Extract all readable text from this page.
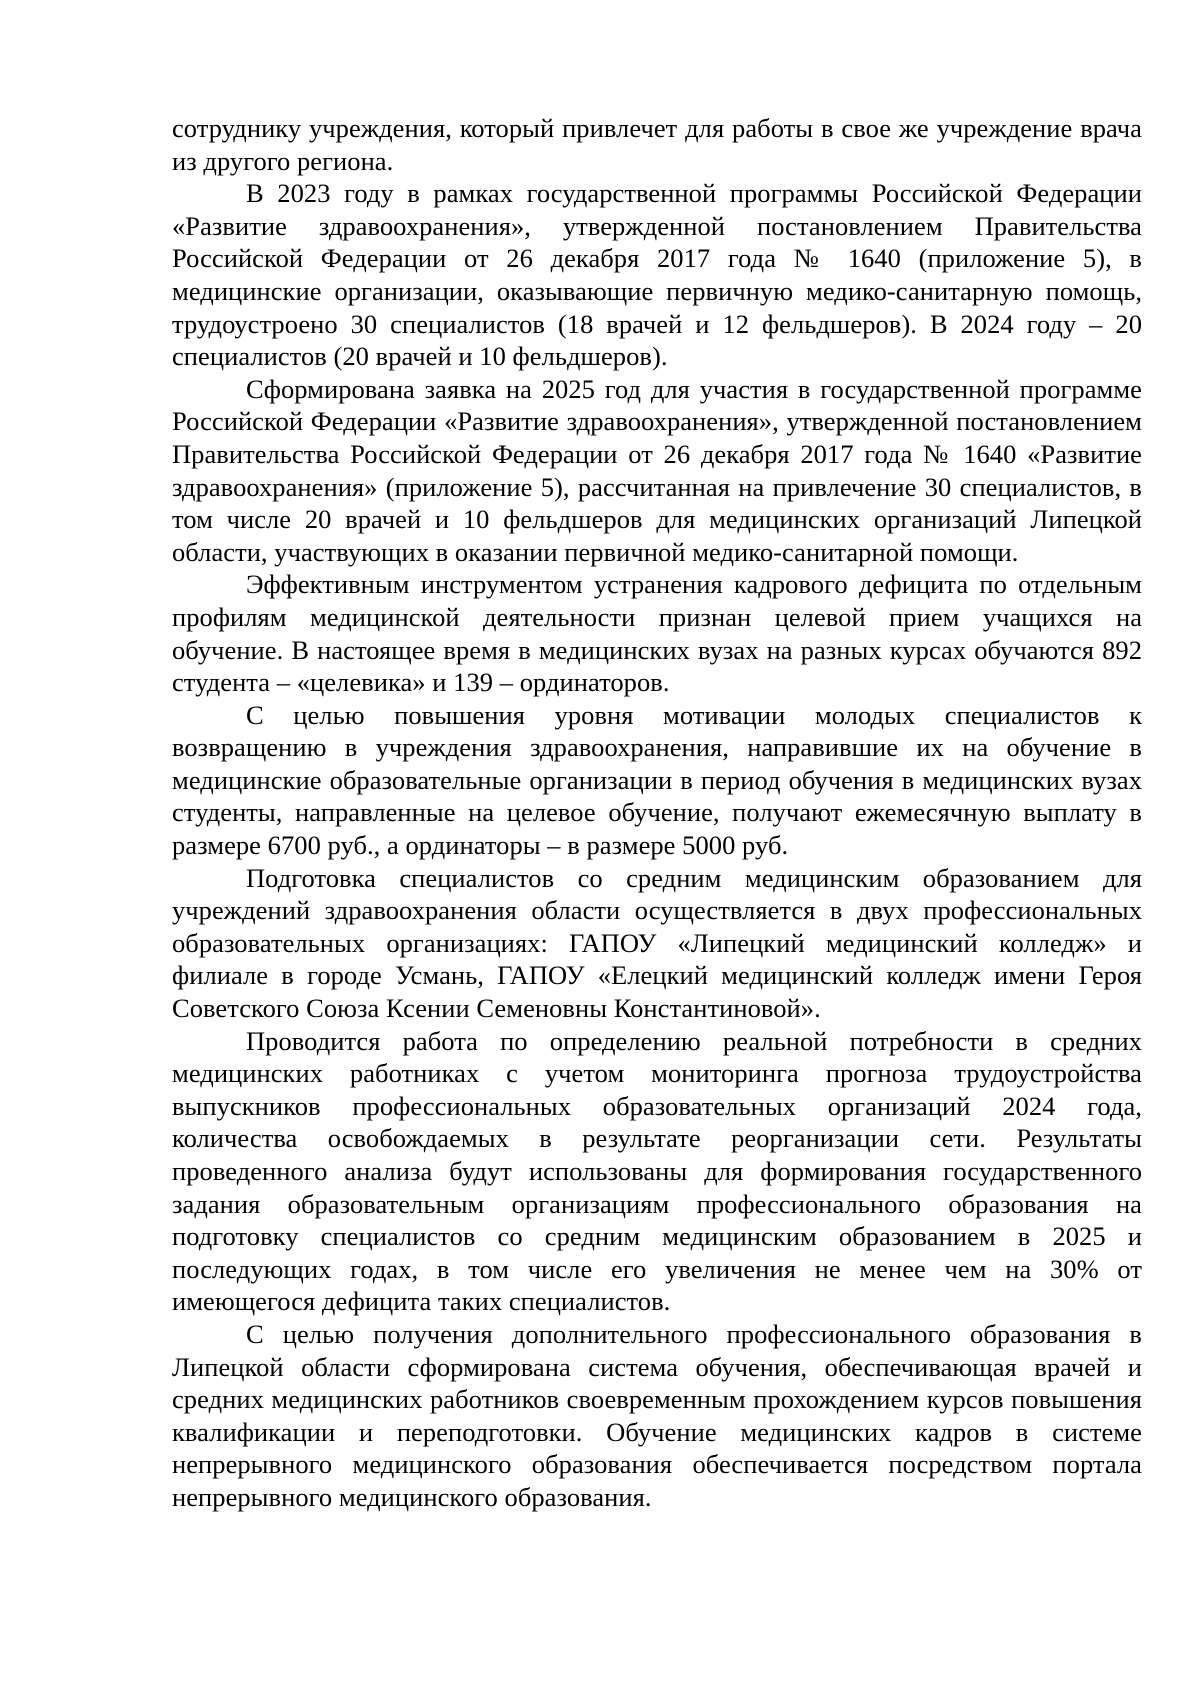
сотруднику учреждения, который привлечет для работы в свое же учреждение врача из другого региона.

В 2023 году в рамках государственной программы Российской Федерации «Развитие здравоохранения», утвержденной постановлением Правительства Российской Федерации от 26 декабря 2017 года № 1640 (приложение 5), в медицинские организации, оказывающие первичную медико-санитарную помощь, трудоустроено 30 специалистов (18 врачей и 12 фельдшеров). В 2024 году – 20 специалистов (20 врачей и 10 фельдшеров).

Сформирована заявка на 2025 год для участия в государственной программе Российской Федерации «Развитие здравоохранения», утвержденной постановлением Правительства Российской Федерации от 26 декабря 2017 года № 1640 «Развитие здравоохранения» (приложение 5), рассчитанная на привлечение 30 специалистов, в том числе 20 врачей и 10 фельдшеров для медицинских организаций Липецкой области, участвующих в оказании первичной медико-санитарной помощи.

Эффективным инструментом устранения кадрового дефицита по отдельным профилям медицинской деятельности признан целевой прием учащихся на обучение. В настоящее время в медицинских вузах на разных курсах обучаются 892 студента – «целевика» и 139 – ординаторов.

С целью повышения уровня мотивации молодых специалистов к возвращению в учреждения здравоохранения, направившие их на обучение в медицинские образовательные организации в период обучения в медицинских вузах студенты, направленные на целевое обучение, получают ежемесячную выплату в размере 6700 руб., а ординаторы – в размере 5000 руб.

Подготовка специалистов со средним медицинским образованием для учреждений здравоохранения области осуществляется в двух профессиональных образовательных организациях: ГАПОУ «Липецкий медицинский колледж» и филиале в городе Усмань, ГАПОУ «Елецкий медицинский колледж имени Героя Советского Союза Ксении Семеновны Константиновой».

Проводится работа по определению реальной потребности в средних медицинских работниках с учетом мониторинга прогноза трудоустройства выпускников профессиональных образовательных организаций 2024 года, количества освобождаемых в результате реорганизации сети. Результаты проведенного анализа будут использованы для формирования государственного задания образовательным организациям профессионального образования на подготовку специалистов со средним медицинским образованием в 2025 и последующих годах, в том числе его увеличения не менее чем на 30% от имеющегося дефицита таких специалистов.

С целью получения дополнительного профессионального образования в Липецкой области сформирована система обучения, обеспечивающая врачей и средних медицинских работников своевременным прохождением курсов повышения квалификации и переподготовки. Обучение медицинских кадров в системе непрерывного медицинского образования обеспечивается посредством портала непрерывного медицинского образования.
